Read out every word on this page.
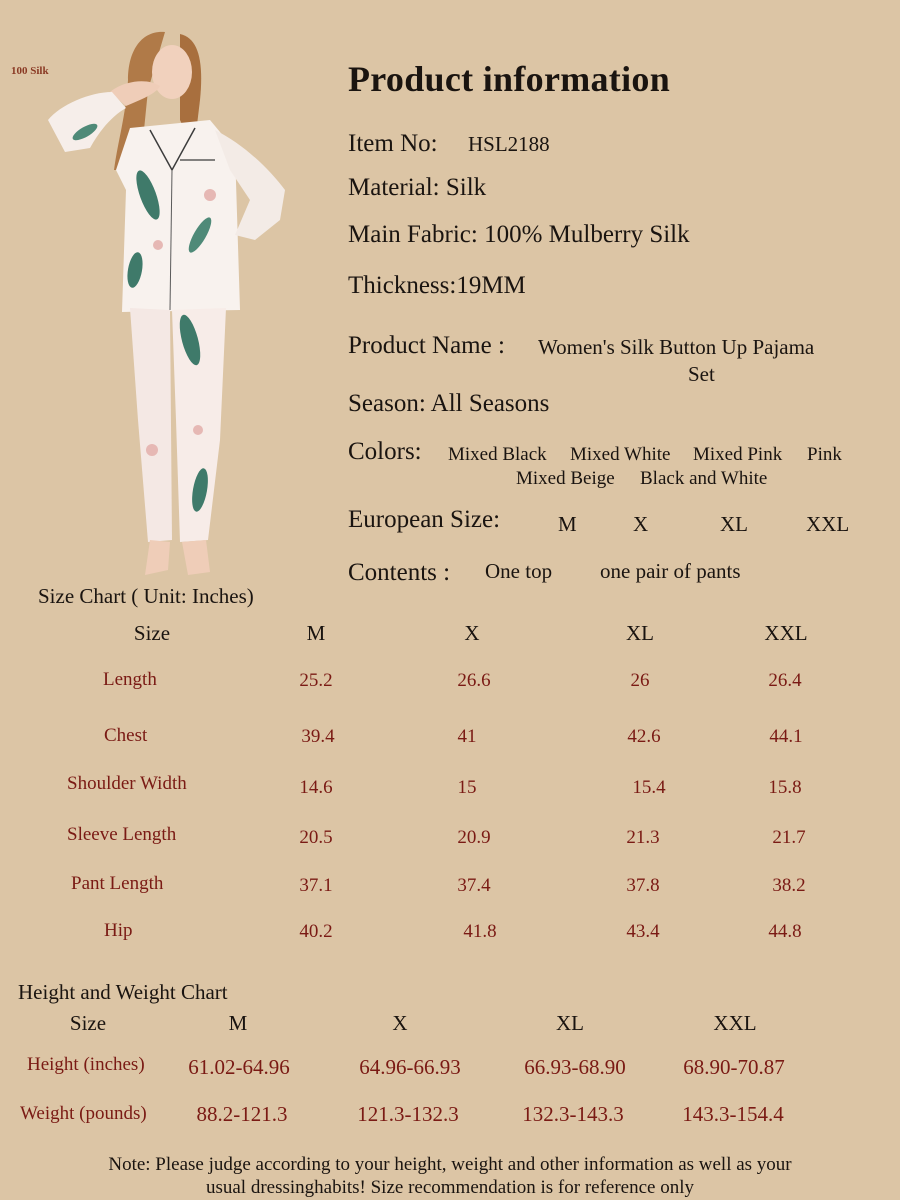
100 Silk	Product information
Item No: HSL2188
Material: Silk
Main Fabric: 100% Mulberry Silk
Thickness:19MM
Product Name : Women's Silk Button Up Pajama
Set
Season: All Seasons
Colors: Mixed Black Mixed White Mixed Pink Pink
Mixed Beige Black and White
European Size:	M	X	XL	XXL
Contents : One top one pair of pants
Size Chart ( Unit: Inches)
Size	M	X	XL	XXL
Length	25.2	26.6	26	26.4
Chest	39.4	41	42.6	44.1
Shoulder Width	14.6	15	15.4	15.8
Sleeve Length	20.5	20.9	21.3	21.7
Pant Length	37.1	37.4	37.8	38.2
Hip	40.2	41.8	43.4	44.8
Height and Weight Chart
Size	M	X	XL	XXL
Height (inches)	61.02-64.96	64.96-66.93	66.93-68.90	68.90-70.87
Weight (pounds)	88.2-121.3	121.3-132.3	132.3-143.3	143.3-154.4
Note: Please judge according to your height, weight and other information as well as your
usual dressinghabits! Size recommendation is for reference only
